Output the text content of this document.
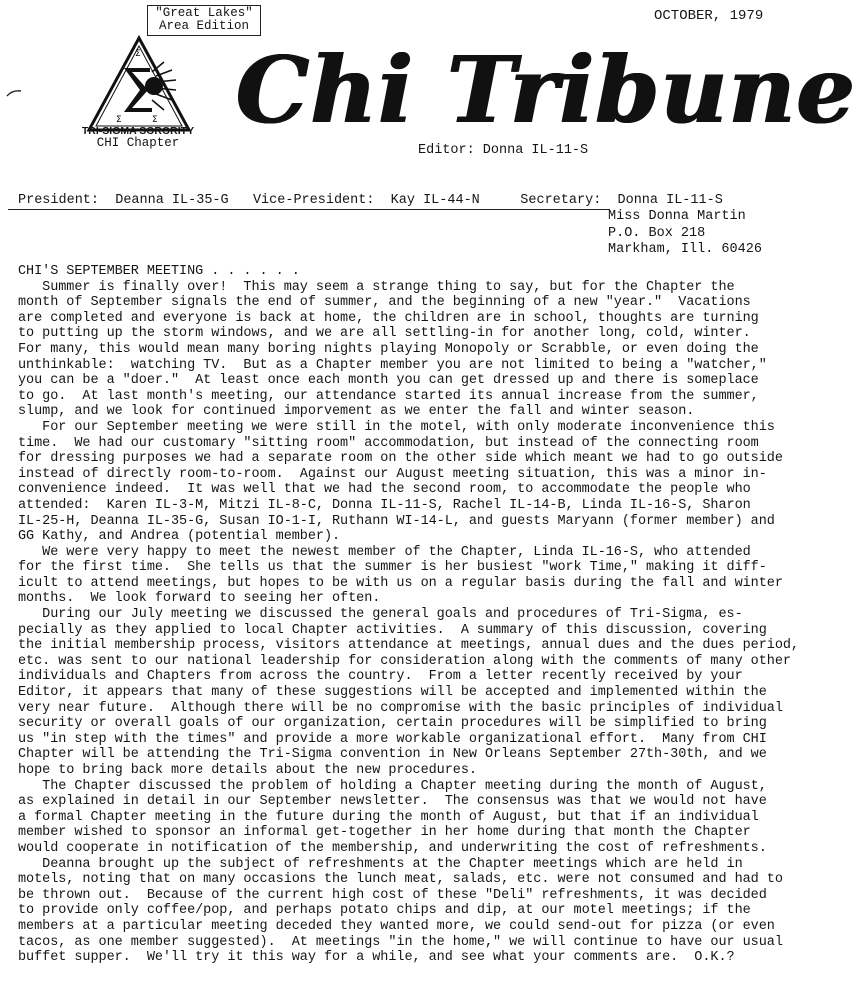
"Great Lakes"
Area Edition
Σ	Σ
Σ
TRI-SIGMA SORORITY
CHI Chapter Chi Tribune
OCTOBER, 1979
Editor: Donna IL-11-S
President:  Deanna IL-35-G   Vice-President:  Kay IL-44-N     Secretary:  Donna IL-11-S
Miss Donna Martin
P.O. Box 218
Markham, Ill. 60426
CHI'S SEPTEMBER MEETING . . . . . .
Summer is finally over!  This may seem a strange thing to say, but for the Chapter the
month of September signals the end of summer, and the beginning of a new "year."  Vacations
are completed and everyone is back at home, the children are in school, thoughts are turning
to putting up the storm windows, and we are all settling-in for another long, cold, winter.
For many, this would mean many boring nights playing Monopoly or Scrabble, or even doing the
unthinkable:  watching TV.  But as a Chapter member you are not limited to being a "watcher,"
you can be a "doer."  At least once each month you can get dressed up and there is someplace
to go.  At last month's meeting, our attendance started its annual increase from the summer,
slump, and we look for continued imporvement as we enter the fall and winter season.
For our September meeting we were still in the motel, with only moderate inconvenience this
time.  We had our customary "sitting room" accommodation, but instead of the connecting room
for dressing purposes we had a separate room on the other side which meant we had to go outside
instead of directly room-to-room.  Against our August meeting situation, this was a minor in-
convenience indeed.  It was well that we had the second room, to accommodate the people who
attended:  Karen IL-3-M, Mitzi IL-8-C, Donna IL-11-S, Rachel IL-14-B, Linda IL-16-S, Sharon
IL-25-H, Deanna IL-35-G, Susan IO-1-I, Ruthann WI-14-L, and guests Maryann (former member) and
GG Kathy, and Andrea (potential member).
We were very happy to meet the newest member of the Chapter, Linda IL-16-S, who attended
for the first time.  She tells us that the summer is her busiest "work Time," making it diff-
icult to attend meetings, but hopes to be with us on a regular basis during the fall and winter
months.  We look forward to seeing her often.
During our July meeting we discussed the general goals and procedures of Tri-Sigma, es-
pecially as they applied to local Chapter activities.  A summary of this discussion, covering
the initial membership process, visitors attendance at meetings, annual dues and the dues period,
etc. was sent to our national leadership for consideration along with the comments of many other
individuals and Chapters from across the country.  From a letter recently received by your
Editor, it appears that many of these suggestions will be accepted and implemented within the
very near future.  Although there will be no compromise with the basic principles of individual
security or overall goals of our organization, certain procedures will be simplified to bring
us "in step with the times" and provide a more workable organizational effort.  Many from CHI
Chapter will be attending the Tri-Sigma convention in New Orleans September 27th-30th, and we
hope to bring back more details about the new procedures.
The Chapter discussed the problem of holding a Chapter meeting during the month of August,
as explained in detail in our September newsletter.  The consensus was that we would not have
a formal Chapter meeting in the future during the month of August, but that if an individual
member wished to sponsor an informal get-together in her home during that month the Chapter
would cooperate in notification of the membership, and underwriting the cost of refreshments.
Deanna brought up the subject of refreshments at the Chapter meetings which are held in
motels, noting that on many occasions the lunch meat, salads, etc. were not consumed and had to
be thrown out.  Because of the current high cost of these "Deli" refreshments, it was decided
to provide only coffee/pop, and perhaps potato chips and dip, at our motel meetings; if the
members at a particular meeting deceded they wanted more, we could send-out for pizza (or even
tacos, as one member suggested).  At meetings "in the home," we will continue to have our usual
buffet supper.  We'll try it this way for a while, and see what your comments are.  O.K.?
